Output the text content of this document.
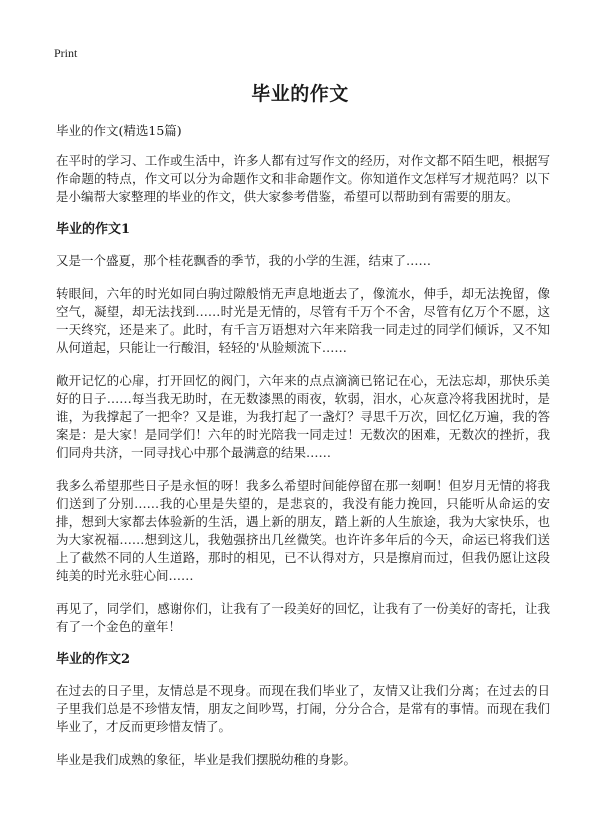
Print
毕业的作文

毕业的作文(精选15篇)

在平时的学习、工作或生活中，许多人都有过写作文的经历，对作文都不陌生吧，根据写作命题的特点，作文可以分为命题作文和非命题作文。你知道作文怎样写才规范吗？以下是小编帮大家整理的毕业的作文，供大家参考借鉴，希望可以帮助到有需要的朋友。

毕业的作文1

又是一个盛夏，那个桂花飘香的季节，我的小学的生涯，结束了……

转眼间，六年的时光如同白驹过隙般悄无声息地逝去了，像流水，伸手，却无法挽留，像空气，凝望，却无法找到……时光是无情的，尽管有千万个不舍，尽管有亿万个不愿，这一天终究，还是来了。此时，有千言万语想对六年来陪我一同走过的同学们倾诉，又不知从何道起，只能让一行酸泪，轻轻的'从脸颊流下……

敞开记忆的心扉，打开回忆的阀门，六年来的点点滴滴已铭记在心，无法忘却，那快乐美好的日子……每当我无助时，在无数漆黑的雨夜，软弱，泪水，心灰意冷将我困扰时，是谁，为我撑起了一把伞？又是谁，为我打起了一盏灯？寻思千万次，回忆亿万遍，我的答案是：是大家！是同学们！六年的时光陪我一同走过！无数次的困难，无数次的挫折，我们同舟共济，一同寻找心中那个最满意的结果……

我多么希望那些日子是永恒的呀！我多么希望时间能停留在那一刻啊！但岁月无情的将我们送到了分别……我的心里是失望的，是悲哀的，我没有能力挽回，只能听从命运的安排，想到大家都去体验新的生活，遇上新的朋友，踏上新的人生旅途，我为大家快乐，也为大家祝福……想到这儿，我勉强挤出几丝微笑。也许许多年后的今天，命运已将我们送上了截然不同的人生道路，那时的相见，已不认得对方，只是擦肩而过，但我仍愿让这段纯美的时光永驻心间……

再见了，同学们，感谢你们，让我有了一段美好的回忆，让我有了一份美好的寄托，让我有了一个金色的童年！

毕业的作文2

在过去的日子里，友情总是不现身。而现在我们毕业了，友情又让我们分离；在过去的日子里我们总是不珍惜友情，朋友之间吵骂，打闹，分分合合，是常有的事情。而现在我们毕业了，才反而更珍惜友情了。

毕业是我们成熟的象征，毕业是我们摆脱幼稚的身影。
